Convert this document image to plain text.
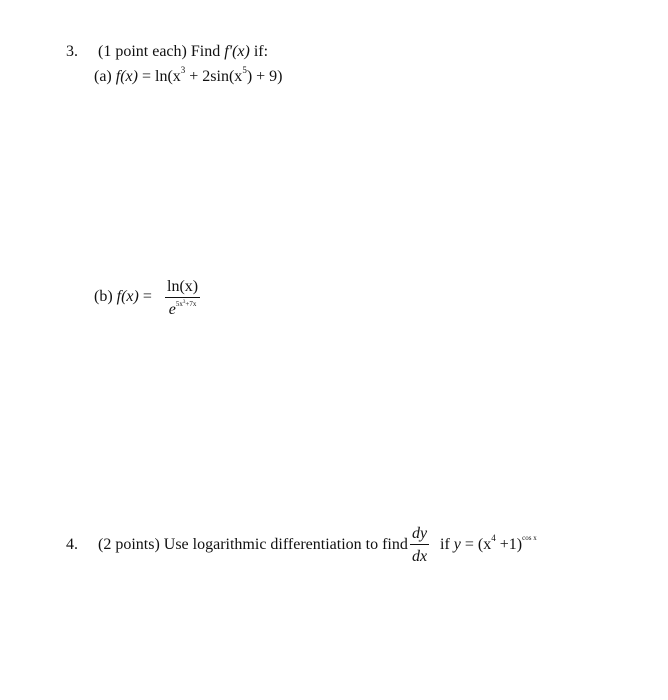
3. (1 point each) Find f'(x) if:
(a) $f(x) = \ln(x^3 + 2\sin(x^5) + 9)$
(b) $f(x) = \frac{\ln(x)}{e^{5x3+7x}}$
4. (2 points) Use logarithmic differentiation to find $\frac{dy}{dx}$ if $y = (x^4 +1)^{cos x}$
